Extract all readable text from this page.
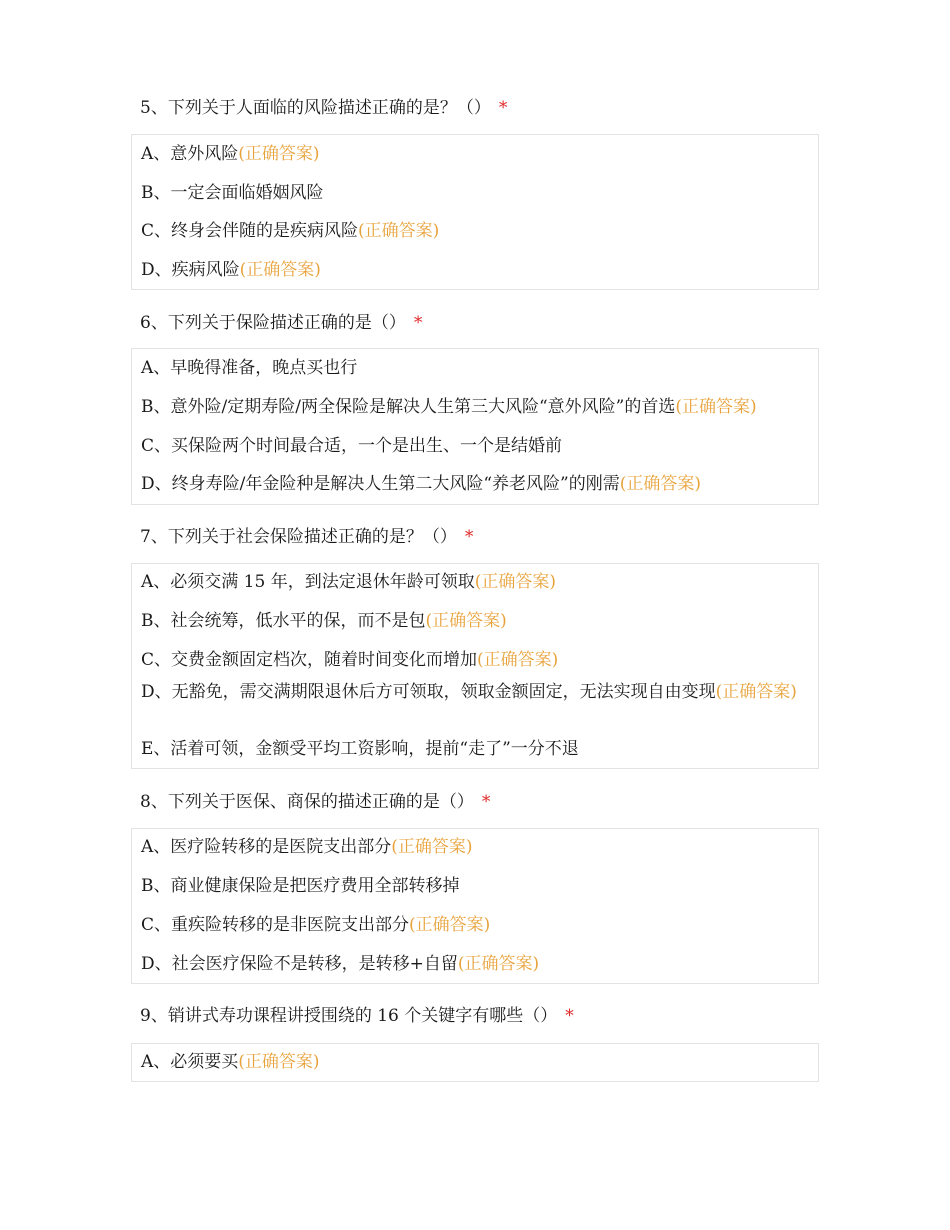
5、下列关于人面临的风险描述正确的是？（） *
A、意外风险(正确答案)
B、一定会面临婚姻风险
C、终身会伴随的是疾病风险(正确答案)
D、疾病风险(正确答案)
6、下列关于保险描述正确的是（） *
A、早晚得准备，晚点买也行
B、意外险/定期寿险/两全保险是解决人生第三大风险“意外风险”的首选(正确答案)
C、买保险两个时间最合适，一个是出生、一个是结婚前
D、终身寿险/年金险种是解决人生第二大风险“养老风险”的刚需(正确答案)
7、下列关于社会保险描述正确的是？（） *
A、必须交满 15 年，到法定退休年龄可领取(正确答案)
B、社会统筹，低水平的保，而不是包(正确答案)
C、交费金额固定档次，随着时间变化而增加(正确答案)
D、无豁免，需交满期限退休后方可领取，领取金额固定，无法实现自由变现(正确答案)
E、活着可领，金额受平均工资影响，提前“走了”一分不退
8、下列关于医保、商保的描述正确的是（） *
A、医疗险转移的是医院支出部分(正确答案)
B、商业健康保险是把医疗费用全部转移掉
C、重疾险转移的是非医院支出部分(正确答案)
D、社会医疗保险不是转移，是转移+自留(正确答案)
9、销讲式寿功课程讲授围绕的 16 个关键字有哪些（） *
A、必须要买(正确答案)
